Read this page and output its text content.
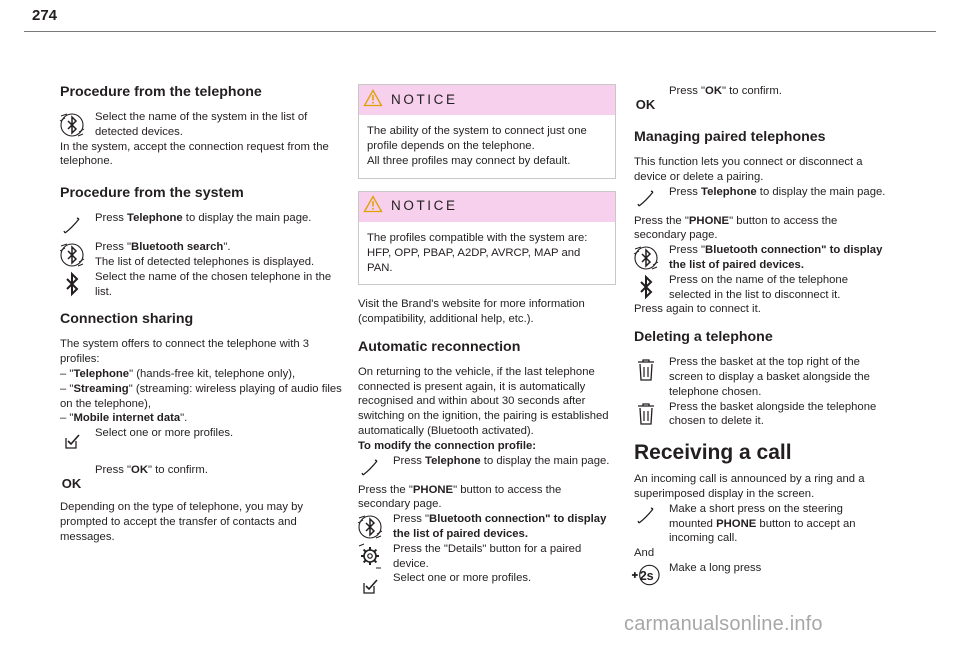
274
Procedure from the telephone

Select the name of the system in the list of detected devices.

In the system, accept the connection request from the telephone.

Procedure from the system

Press Telephone to display the main page.

Press "Bluetooth search".
The list of detected telephones is displayed.

Select the name of the chosen telephone in the list.

Connection sharing

The system offers to connect the telephone with 3 profiles:

– "Telephone" (hands-free kit, telephone only),

– "Streaming" (streaming: wireless playing of audio files on the telephone),

– "Mobile internet data".

Select one or more profiles.

OK

Press "OK" to confirm.

Depending on the type of telephone, you may by prompted to accept the transfer of contacts and messages.

NOTICE

The ability of the system to connect just one profile depends on the telephone.

All three profiles may connect by default.

NOTICE

The profiles compatible with the system are: HFP, OPP, PBAP, A2DP, AVRCP, MAP and PAN.

Visit the Brand's website for more information (compatibility, additional help, etc.).

Automatic reconnection

On returning to the vehicle, if the last telephone connected is present again, it is automatically recognised and within about 30 seconds after switching on the ignition, the pairing is established automatically (Bluetooth activated).

To modify the connection profile:

Press Telephone to display the main page.

Press the "PHONE" button to access the secondary page.

Press "Bluetooth connection" to display the list of paired devices.

Press the "Details" button for a paired device.

Select one or more profiles.

OK

Press "OK" to confirm.

Managing paired telephones

This function lets you connect or disconnect a device or delete a pairing.

Press Telephone to display the main page.

Press the "PHONE" button to access the secondary page.

Press "Bluetooth connection" to display the list of paired devices.

Press on the name of the telephone selected in the list to disconnect it.

Press again to connect it.

Deleting a telephone

Press the basket at the top right of the screen to display a basket alongside the telephone chosen.

Press the basket alongside the telephone chosen to delete it.

Receiving a call

An incoming call is announced by a ring and a superimposed display in the screen.

Make a short press on the steering mounted PHONE button to accept an incoming call.

And

2s

Make a long press

carmanualsonline.info
